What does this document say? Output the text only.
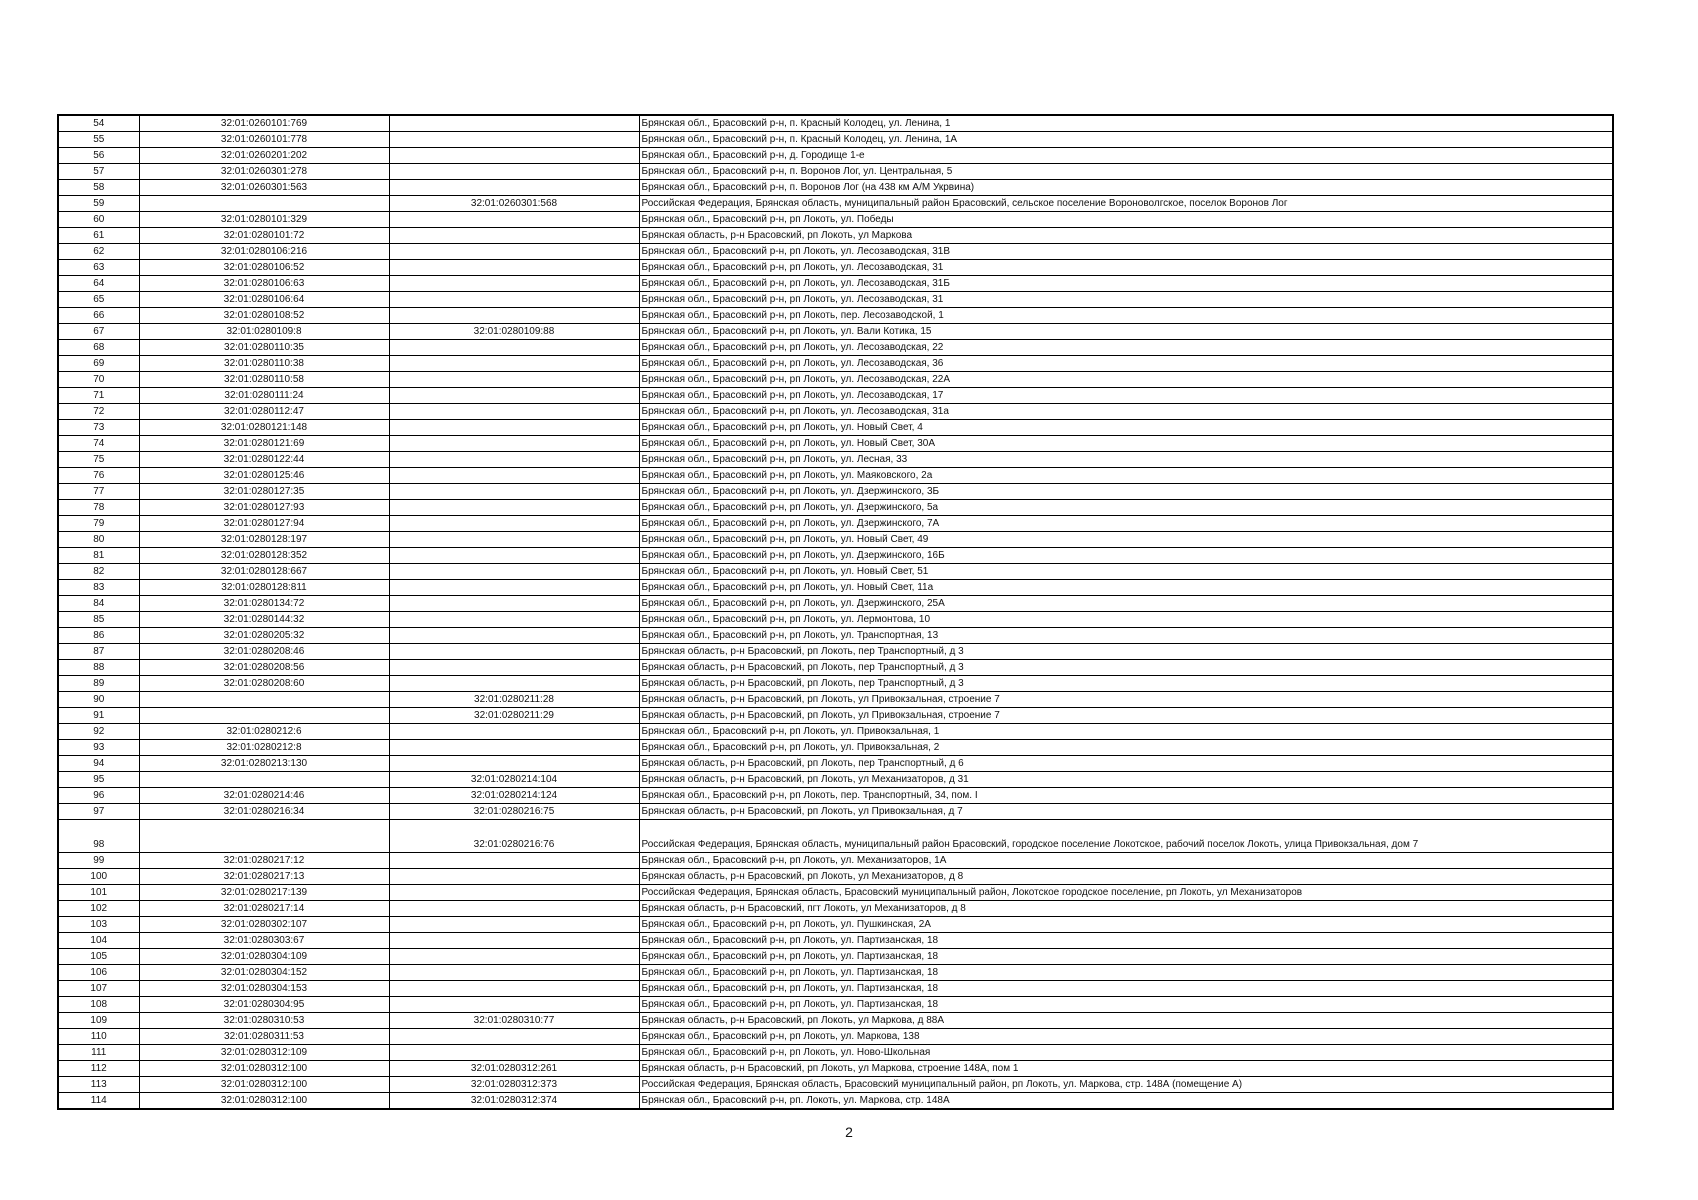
54	32:01:0260101:769		Брянская обл., Брасовский р-н, п. Красный Колодец, ул. Ленина, 1
55	32:01:0260101:778		Брянская обл., Брасовский р-н, п. Красный Колодец, ул. Ленина, 1А
56	32:01:0260201:202		Брянская обл., Брасовский р-н, д. Городище 1-е
57	32:01:0260301:278		Брянская обл., Брасовский р-н, п. Воронов Лог, ул. Центральная, 5
58	32:01:0260301:563		Брянская обл., Брасовский р-н, п. Воронов Лог (на 438 км А/М Укрвина)
59		32:01:0260301:568	Российская Федерация, Брянская область, муниципальный район Брасовский, сельское поселение Вороноволгское, поселок Воронов Лог
60	32:01:0280101:329		Брянская обл., Брасовский р-н, рп Локоть, ул. Победы
61	32:01:0280101:72		Брянская область, р-н Брасовский, рп Локоть, ул Маркова
62	32:01:0280106:216		Брянская обл., Брасовский р-н, рп Локоть, ул. Лесозаводская, 31В
63	32:01:0280106:52		Брянская обл., Брасовский р-н, рп Локоть, ул. Лесозаводская, 31
64	32:01:0280106:63		Брянская обл., Брасовский р-н, рп Локоть, ул. Лесозаводская, 31Б
65	32:01:0280106:64		Брянская обл., Брасовский р-н, рп Локоть, ул. Лесозаводская, 31
66	32:01:0280108:52		Брянская обл., Брасовский р-н, рп Локоть, пер. Лесозаводской, 1
67	32:01:0280109:8	32:01:0280109:88	Брянская обл., Брасовский р-н, рп Локоть, ул. Вали Котика, 15
68	32:01:0280110:35		Брянская обл., Брасовский р-н, рп Локоть, ул. Лесозаводская, 22
69	32:01:0280110:38		Брянская обл., Брасовский р-н, рп Локоть, ул. Лесозаводская, 36
70	32:01:0280110:58		Брянская обл., Брасовский р-н, рп Локоть, ул. Лесозаводская, 22А
71	32:01:0280111:24		Брянская обл., Брасовский р-н, рп Локоть, ул. Лесозаводская, 17
72	32:01:0280112:47		Брянская обл., Брасовский р-н, рп Локоть, ул. Лесозаводская, 31а
73	32:01:0280121:148		Брянская обл., Брасовский р-н, рп Локоть, ул. Новый Свет, 4
74	32:01:0280121:69		Брянская обл., Брасовский р-н, рп Локоть, ул. Новый Свет, 30А
75	32:01:0280122:44		Брянская обл., Брасовский р-н, рп Локоть, ул. Лесная, 33
76	32:01:0280125:46		Брянская обл., Брасовский р-н, рп Локоть, ул. Маяковского, 2а
77	32:01:0280127:35		Брянская обл., Брасовский р-н, рп Локоть, ул. Дзержинского, 3Б
78	32:01:0280127:93		Брянская обл., Брасовский р-н, рп Локоть, ул. Дзержинского, 5а
79	32:01:0280127:94		Брянская обл., Брасовский р-н, рп Локоть, ул. Дзержинского, 7А
80	32:01:0280128:197		Брянская обл., Брасовский р-н, рп Локоть, ул. Новый Свет, 49
81	32:01:0280128:352		Брянская обл., Брасовский р-н, рп Локоть, ул. Дзержинского, 16Б
82	32:01:0280128:667		Брянская обл., Брасовский р-н, рп Локоть, ул. Новый Свет, 51
83	32:01:0280128:811		Брянская обл., Брасовский р-н, рп Локоть, ул. Новый Свет, 11а
84	32:01:0280134:72		Брянская обл., Брасовский р-н, рп Локоть, ул. Дзержинского, 25А
85	32:01:0280144:32		Брянская обл., Брасовский р-н, рп Локоть, ул. Лермонтова, 10
86	32:01:0280205:32		Брянская обл., Брасовский р-н, рп Локоть, ул. Транспортная, 13
87	32:01:0280208:46		Брянская область, р-н Брасовский, рп Локоть, пер Транспортный, д 3
88	32:01:0280208:56		Брянская область, р-н Брасовский, рп Локоть, пер Транспортный, д 3
89	32:01:0280208:60		Брянская область, р-н Брасовский, рп Локоть, пер Транспортный, д 3
90		32:01:0280211:28	Брянская область, р-н Брасовский, рп Локоть, ул Привокзальная, строение 7
91		32:01:0280211:29	Брянская область, р-н Брасовский, рп Локоть, ул Привокзальная, строение 7
92	32:01:0280212:6		Брянская обл., Брасовский р-н, рп Локоть, ул. Привокзальная, 1
93	32:01:0280212:8		Брянская обл., Брасовский р-н, рп Локоть, ул. Привокзальная, 2
94	32:01:0280213:130		Брянская область, р-н Брасовский, рп Локоть, пер Транспортный, д 6
95		32:01:0280214:104	Брянская область, р-н Брасовский, рп Локоть, ул Механизаторов, д 31
96	32:01:0280214:46	32:01:0280214:124	Брянская обл., Брасовский р-н, рп Локоть, пер. Транспортный, 34, пом. I
97	32:01:0280216:34	32:01:0280216:75	Брянская область, р-н Брасовский, рп Локоть, ул Привокзальная, д 7
98		32:01:0280216:76	Российская Федерация, Брянская область, муниципальный район Брасовский, городское поселение Локотское, рабочий поселок Локоть, улица Привокзальная, дом 7
99	32:01:0280217:12		Брянская обл., Брасовский р-н, рп Локоть, ул. Механизаторов, 1А
100	32:01:0280217:13		Брянская область, р-н Брасовский, рп Локоть, ул Механизаторов, д 8
101	32:01:0280217:139		Российская Федерация, Брянская область, Брасовский муниципальный район, Локотское городское поселение, рп Локоть, ул Механизаторов
102	32:01:0280217:14		Брянская область, р-н Брасовский, пгт Локоть, ул Механизаторов, д 8
103	32:01:0280302:107		Брянская обл., Брасовский р-н, рп Локоть, ул. Пушкинская, 2А
104	32:01:0280303:67		Брянская обл., Брасовский р-н, рп Локоть, ул. Партизанская, 18
105	32:01:0280304:109		Брянская обл., Брасовский р-н, рп Локоть, ул. Партизанская, 18
106	32:01:0280304:152		Брянская обл., Брасовский р-н, рп Локоть, ул. Партизанская, 18
107	32:01:0280304:153		Брянская обл., Брасовский р-н, рп Локоть, ул. Партизанская, 18
108	32:01:0280304:95		Брянская обл., Брасовский р-н, рп Локоть, ул. Партизанская, 18
109	32:01:0280310:53	32:01:0280310:77	Брянская область, р-н Брасовский, рп Локоть, ул Маркова, д 88А
110	32:01:0280311:53		Брянская обл., Брасовский р-н, рп Локоть, ул. Маркова, 138
111	32:01:0280312:109		Брянская обл., Брасовский р-н, рп Локоть, ул. Ново-Школьная
112	32:01:0280312:100	32:01:0280312:261	Брянская область, р-н Брасовский, рп Локоть, ул Маркова, строение 148А, пом 1
113	32:01:0280312:100	32:01:0280312:373	Российская Федерация, Брянская область, Брасовский муниципальный район, рп Локоть, ул. Маркова, стр. 148А (помещение А)
114	32:01:0280312:100	32:01:0280312:374	Брянская обл., Брасовский р-н, рп. Локоть, ул. Маркова, стр. 148А
2
